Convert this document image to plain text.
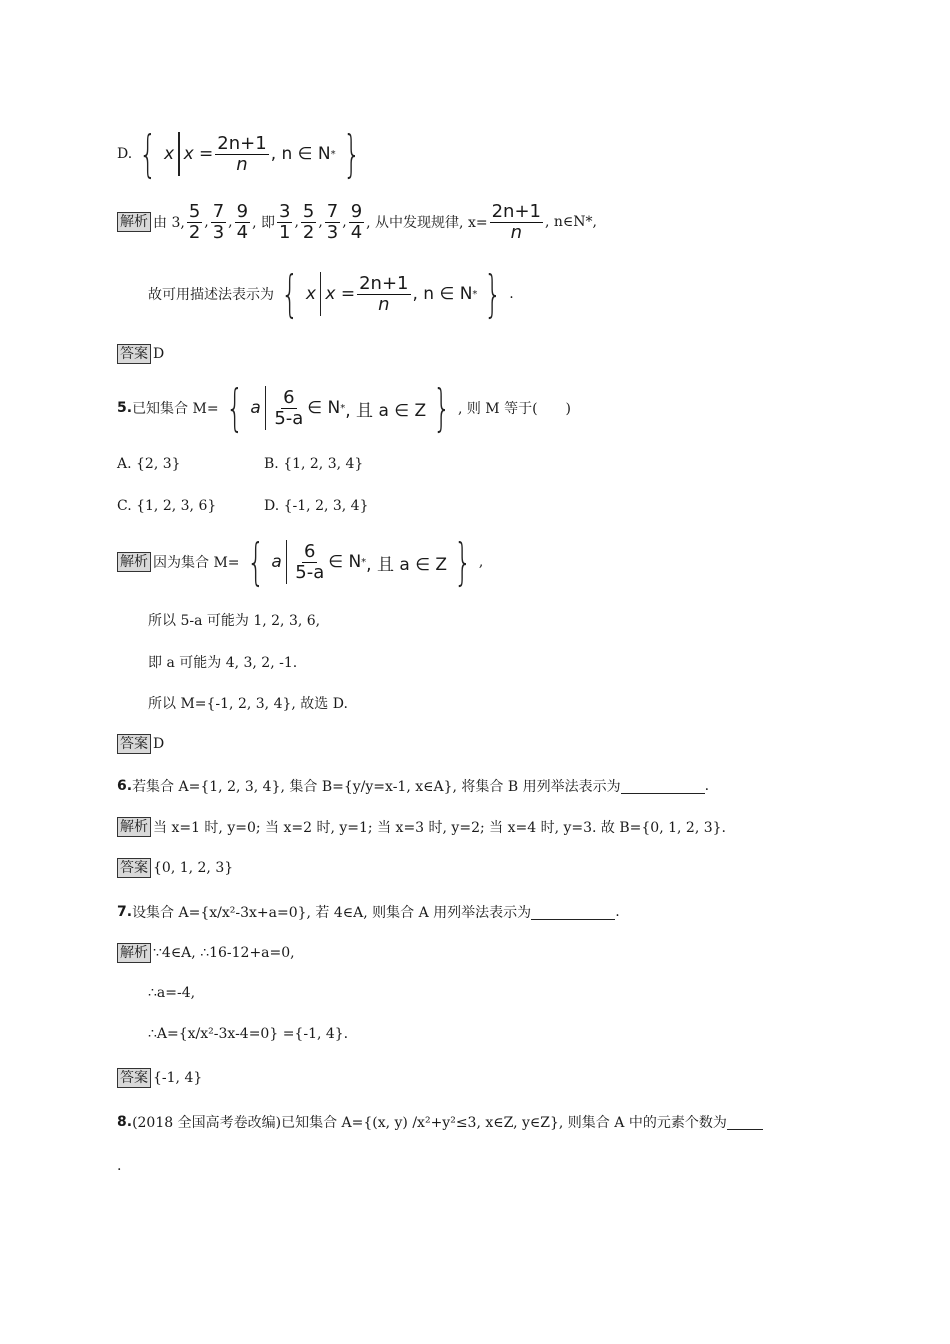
D. { x $x = \frac{2n+1}{n}$ , n ∈ N * }
解析 由 3, $\frac{5}{2}$ , $\frac{7}{3}$ , $\frac{9}{4}$ , 即 $\frac{3}{1}$ , $\frac{5}{2}$ , $\frac{7}{3}$ , $\frac{9}{4}$ , 从中发现规律, $x= \frac{2n+1}{n}$ , n∈N*,
故可用描述法表示为 { x $x = \frac{2n+1}{n}$ , n ∈ N * } .
答案 D
5. 已知集合 M= { a $\frac{6}{5-a}$ ∈ N * , 且 a ∈ Z } , 则 M 等于(　　)
A. {2, 3}	B. {1, 2, 3, 4}
C. {1, 2, 3, 6}	D. {-1, 2, 3, 4}
解析 因为集合 M= { a $\frac{6}{5-a}$ ∈ N * , 且 a ∈ Z } ,
所以 5-a 可能为 1, 2, 3, 6,
即 a 可能为 4, 3, 2, -1.
所以 M={-1, 2, 3, 4}, 故选 D.
答案 D
6. 若集合 A={1, 2, 3, 4}, 集合 B={y/y=x-1, x∈A}, 将集合 B 用列举法表示为	.
解析 当 x=1 时, y=0; 当 x=2 时, y=1; 当 x=3 时, y=2; 当 x=4 时, y=3. 故 B={0, 1, 2, 3}.
答案 {0, 1, 2, 3}
7. 设集合 A={x/x²-3x+a=0}, 若 4∈A, 则集合 A 用列举法表示为	.
解析 ∵4∈A, ∴16-12+a=0,
∴a=-4,
∴A={x/x²-3x-4=0} ={-1, 4}.
答案 {-1, 4}
8. (2018 全国高考卷改编)已知集合 A={(x, y) /x²+y²≤3, x∈Z, y∈Z}, 则集合 A 中的元素个数为
.
